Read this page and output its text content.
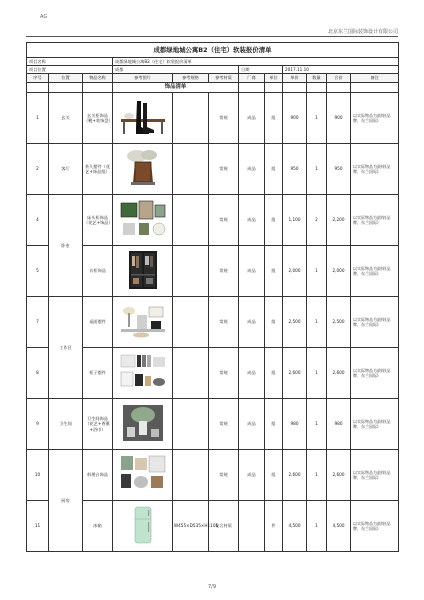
AG
北京东兰国际装饰设计有限公司
成都绿地城公寓B2（住宅）软装报价清单											
项目名称			成都绿地城公寓B2（住宅）软装报价清单								
项目位置			成都			日期		2017.11.10			
序号	位置	物品名称	参考图片	参考规格	参考材质	厂商	单位	单价	数量	合价	备注
			饰品清单								
1	玄关	玄关柜饰品（靴+装饰盘）			常规	成品	组	900	1	900	以实际物品为最终(品牌，东兰国际)
2	客厅	茶几摆件（花艺+饰品组）			常规	成品	组	950	1	950	以实际物品为最终(品牌，东兰国际)
4	卧室	床头柜饰品（花艺+饰品）			常规	成品	组	1,100	2	2,200	以实际物品为最终(品牌，东兰国际)
5		衣柜饰品			常规	成品	组	2,000	1	2,000	以实际物品为最终(品牌，东兰国际)
7	工作区	桌面摆件			常规	成品	组	2,500	1	2,500	以实际物品为最终(品牌，东兰国际)
8		柜子摆件			常规	成品	组	2,600	1	2,600	以实际物品为最终(品牌，东兰国际)
9	卫生间	卫生间饰品（花艺+香薰+浴巾）			常规	成品	组	980	1	980	以实际物品为最终(品牌，东兰国际)
10	厨房	料理台饰品			常规	成品	组	2,600	1	2,600	以实际物品为最终(品牌，东兰国际)
11		冰箱		W455×D535×H1105	复合材质		件	4,500	1	4,500	以实际物品为最终(品牌，东兰国际)
7/9
